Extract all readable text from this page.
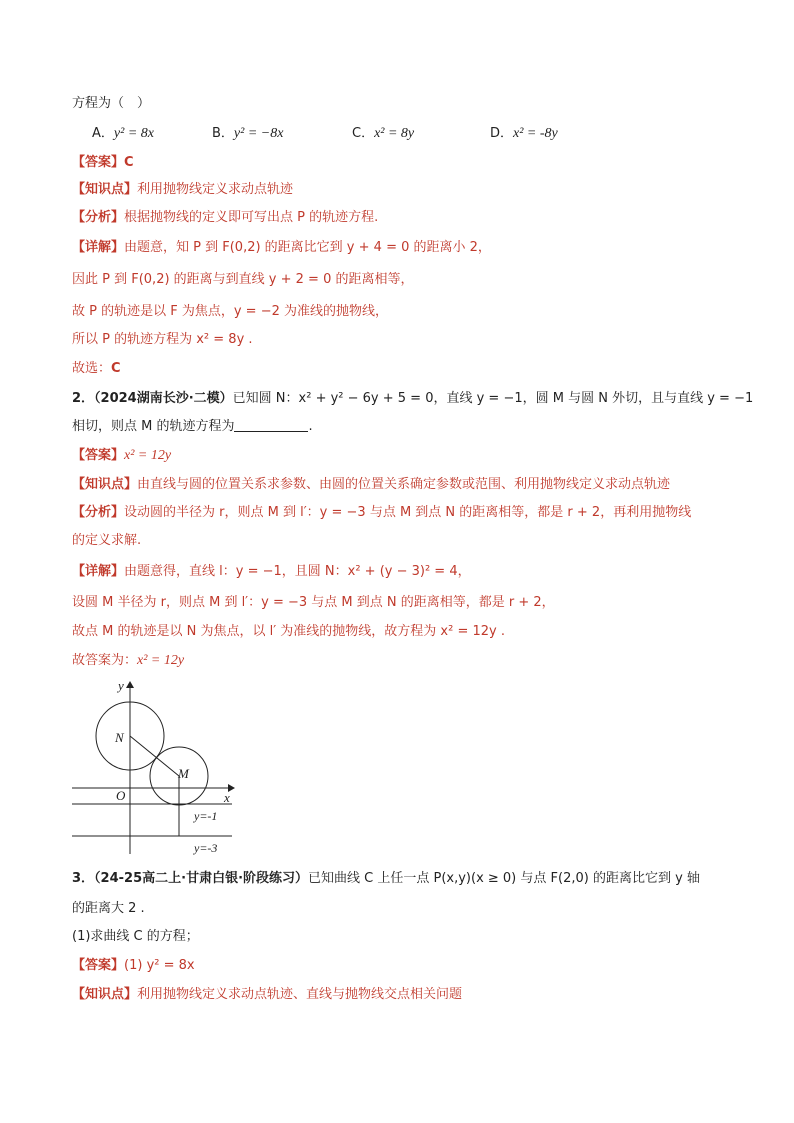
方程为（　）
A．y² = 8x	B．y² = −8x	C．x² = 8y	D．x² = -8y
【答案】C
【知识点】利用抛物线定义求动点轨迹
【分析】根据抛物线的定义即可写出点 P 的轨迹方程.
【详解】由题意，知 P 到 F(0,2) 的距离比它到 y + 4 = 0 的距离小 2，
因此 P 到 F(0,2) 的距离与到直线 y + 2 = 0 的距离相等，
故 P 的轨迹是以 F 为焦点，y = −2 为准线的抛物线，
所以 P 的轨迹方程为 x² = 8y .
故选：C
2．（2024湖南长沙·二模）已知圆 N：x² + y² − 6y + 5 = 0，直线 y = −1，圆 M 与圆 N 外切，且与直线 y = −1
相切，则点 M 的轨迹方程为	.
【答案】x² = 12y
【知识点】由直线与圆的位置关系求参数、由圆的位置关系确定参数或范围、利用抛物线定义求动点轨迹
【分析】设动圆的半径为 r，则点 M 到 l′：y = −3 与点 M 到点 N 的距离相等，都是 r + 2，再利用抛物线
的定义求解.
【详解】由题意得，直线 l：y = −1，且圆 N：x² + (y − 3)² = 4，
设圆 M 半径为 r，则点 M 到 l′：y = −3 与点 M 到点 N 的距离相等，都是 r + 2，
故点 M 的轨迹是以 N 为焦点，以 l′ 为准线的抛物线，故方程为 x² = 12y .
故答案为：x² = 12y
y
x
O
N
M
y=-1
y=-3
3．（24-25高二上·甘肃白银·阶段练习）已知曲线 C 上任一点 P(x,y)(x ≥ 0) 与点 F(2,0) 的距离比它到 y 轴
的距离大 2 .
(1)求曲线 C 的方程；
【答案】(1) y² = 8x
【知识点】利用抛物线定义求动点轨迹、直线与抛物线交点相关问题
